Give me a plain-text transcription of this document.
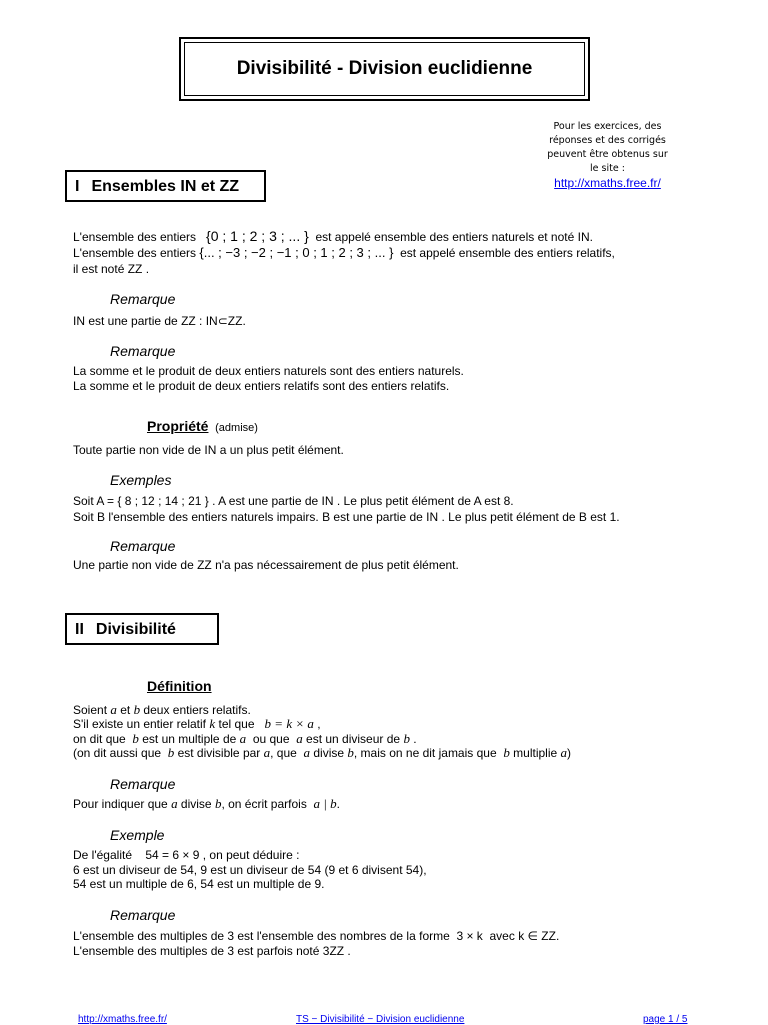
Divisibilité - Division euclidienne
Pour les exercices, des
réponses et des corrigés
peuvent être obtenus sur
le site :
http://xmaths.free.fr/
I Ensembles IN et ZZ
L'ensemble des entiers {0 ; 1 ; 2 ; 3 ; ... } est appelé ensemble des entiers naturels et noté IN.
L'ensemble des entiers {... ; −3 ; −2 ; −1 ; 0 ; 1 ; 2 ; 3 ; ... } est appelé ensemble des entiers relatifs,
il est noté ZZ .
Remarque
IN est une partie de ZZ : IN⊂ZZ.
Remarque
La somme et le produit de deux entiers naturels sont des entiers naturels.
La somme et le produit de deux entiers relatifs sont des entiers relatifs.
Propriété (admise)
Toute partie non vide de IN a un plus petit élément.
Exemples
Soit A = { 8 ; 12 ; 14 ; 21 } . A est une partie de IN . Le plus petit élément de A est 8.
Soit B l'ensemble des entiers naturels impairs. B est une partie de IN . Le plus petit élément de B est 1.
Remarque
Une partie non vide de ZZ n'a pas nécessairement de plus petit élément.
II Divisibilité
Définition
Soient a et b deux entiers relatifs.
S'il existe un entier relatif k tel que b = k × a ,
on dit que b est un multiple de a ou que a est un diviseur de b .
(on dit aussi que b est divisible par a, que a divise b, mais on ne dit jamais que b multiplie a)
Remarque
Pour indiquer que a divise b, on écrit parfois a | b.
Exemple
De l'égalité 54 = 6 × 9 , on peut déduire :
6 est un diviseur de 54, 9 est un diviseur de 54 (9 et 6 divisent 54),
54 est un multiple de 6, 54 est un multiple de 9.
Remarque
L'ensemble des multiples de 3 est l'ensemble des nombres de la forme 3 × k avec k ∈ ZZ.
L'ensemble des multiples de 3 est parfois noté 3ZZ .
http://xmaths.free.fr/	TS − Divisibilité − Division euclidienne	page 1 / 5
